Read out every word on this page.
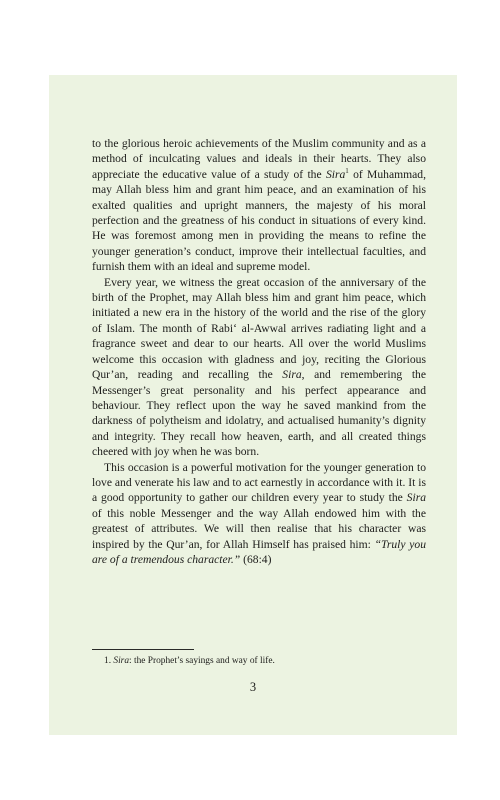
to the glorious heroic achievements of the Muslim community and as a method of inculcating values and ideals in their hearts. They also appreciate the educative value of a study of the Sira$^1$ of Muhammad, may Allah bless him and grant him peace, and an examination of his exalted qualities and upright manners, the majesty of his moral perfection and the greatness of his conduct in situations of every kind. He was foremost among men in providing the means to refine the younger generation’s conduct, improve their intellectual faculties, and furnish them with an ideal and supreme model.

Every year, we witness the great occasion of the anniversary of the birth of the Prophet, may Allah bless him and grant him peace, which initiated a new era in the history of the world and the rise of the glory of Islam. The month of Rabi‘ al-Awwal arrives radiating light and a fragrance sweet and dear to our hearts. All over the world Muslims welcome this occasion with gladness and joy, reciting the Glorious Qur’an, reading and recalling the Sira, and remembering the Messenger’s great personality and his perfect appearance and behaviour. They reflect upon the way he saved mankind from the darkness of polytheism and idolatry, and actualised humanity’s dignity and integrity. They recall how heaven, earth, and all created things cheered with joy when he was born.

This occasion is a powerful motivation for the younger generation to love and venerate his law and to act earnestly in accordance with it. It is a good opportunity to gather our children every year to study the Sira of this noble Messenger and the way Allah endowed him with the greatest of attributes. We will then realise that his character was inspired by the Qur’an, for Allah Himself has praised him: “Truly you are of a tremendous character.” (68:4)

1. Sira: the Prophet’s sayings and way of life.
3
